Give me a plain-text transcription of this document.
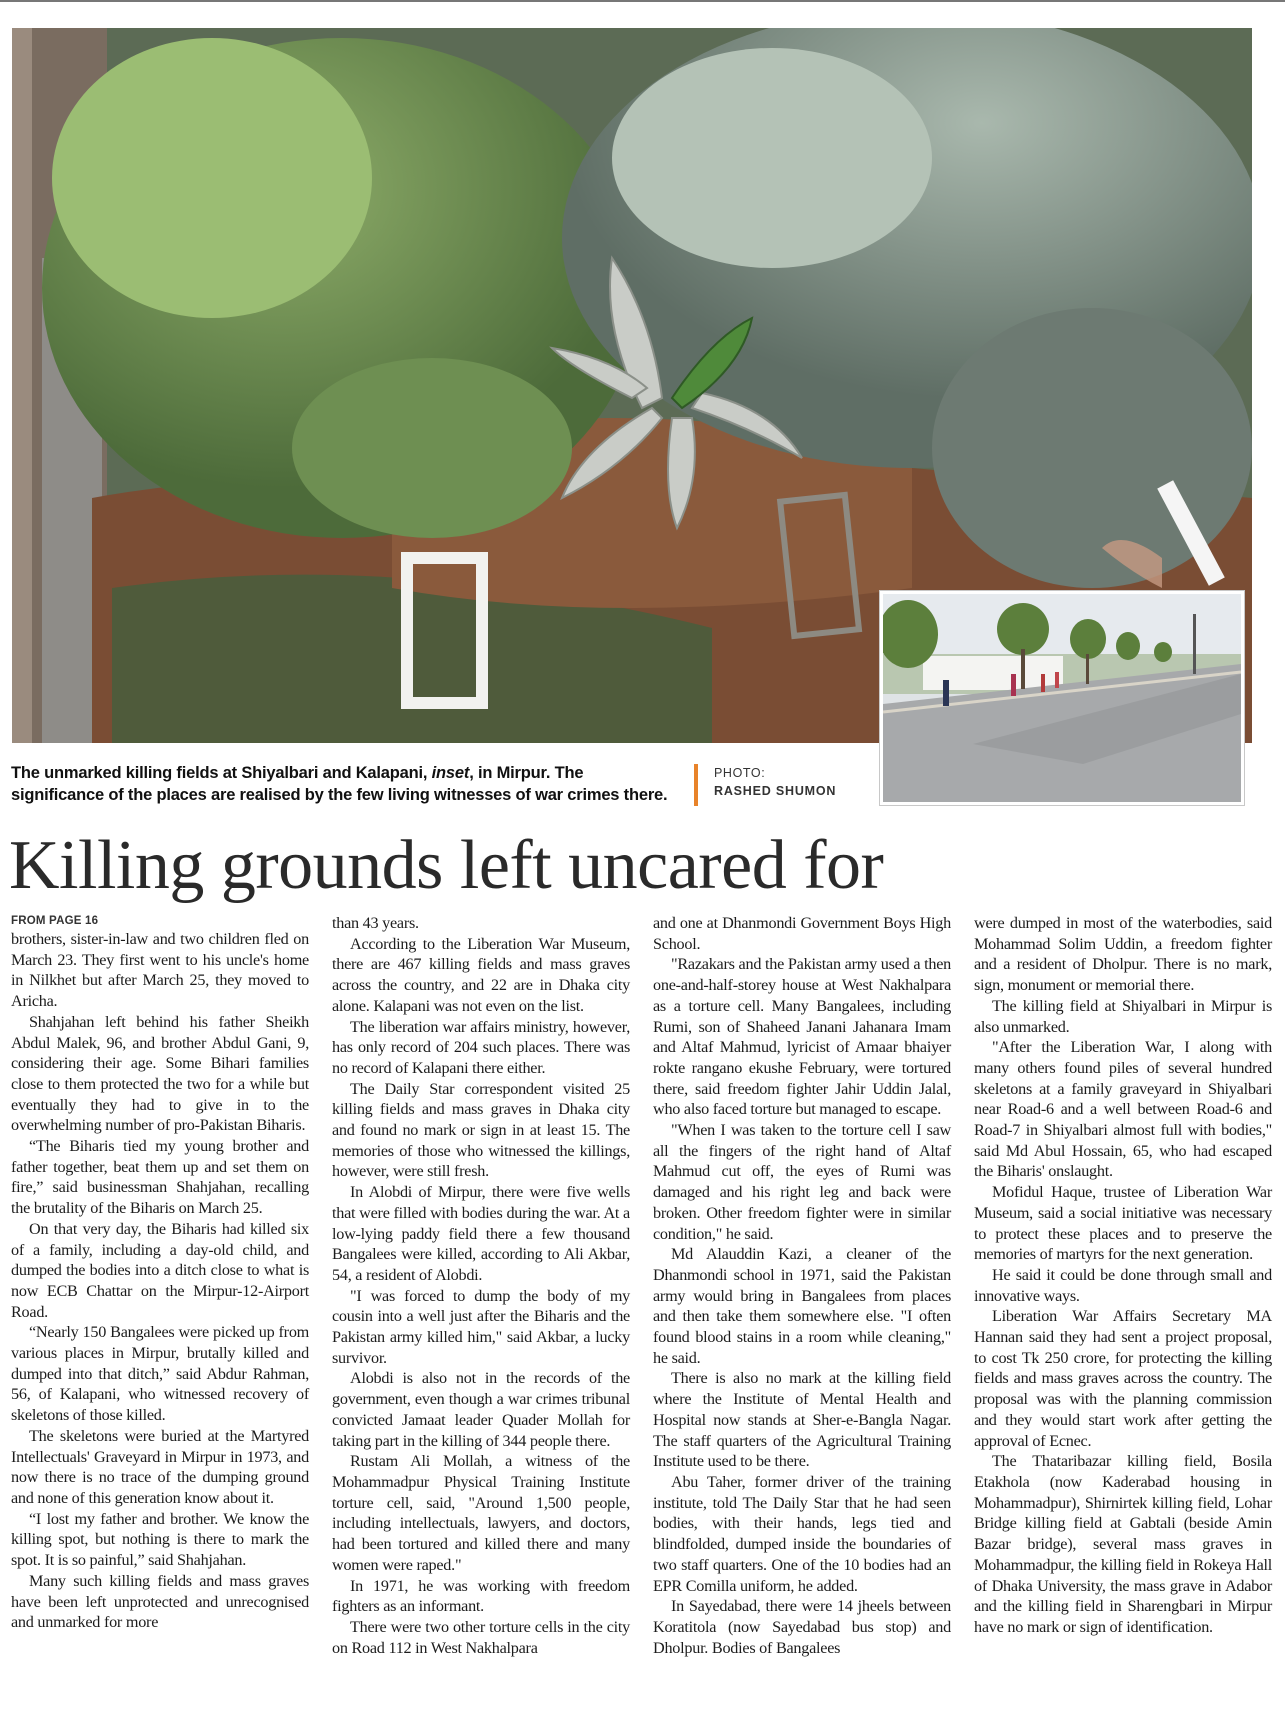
The unmarked killing fields at Shiyalbari and Kalapani, inset, in Mirpur. The significance of the places are realised by the few living witnesses of war crimes there.
PHOTO:
RASHED SHUMON
Killing grounds left uncared for
FROM PAGE 16

brothers, sister-in-law and two children fled on March 23. They first went to his uncle's home in Nilkhet but after March 25, they moved to Aricha.

Shahjahan left behind his father Sheikh Abdul Malek, 96, and brother Abdul Gani, 9, considering their age. Some Bihari families close to them protected the two for a while but eventually they had to give in to the overwhelming number of pro-Pakistan Biharis.

“The Biharis tied my young brother and father together, beat them up and set them on fire,” said businessman Shahjahan, recalling the brutality of the Biharis on March 25.

On that very day, the Biharis had killed six of a family, including a day-old child, and dumped the bodies into a ditch close to what is now ECB Chattar on the Mirpur-12-Airport Road.

“Nearly 150 Bangalees were picked up from various places in Mirpur, brutally killed and dumped into that ditch,” said Abdur Rahman, 56, of Kalapani, who witnessed recovery of skeletons of those killed.

The skeletons were buried at the Martyred Intellectuals' Graveyard in Mirpur in 1973, and now there is no trace of the dumping ground and none of this generation know about it.

“I lost my father and brother. We know the killing spot, but nothing is there to mark the spot. It is so painful,” said Shahjahan.

Many such killing fields and mass graves have been left unprotected and unrecognised and unmarked for more

than 43 years.

According to the Liberation War Museum, there are 467 killing fields and mass graves across the country, and 22 are in Dhaka city alone. Kalapani was not even on the list.

The liberation war affairs ministry, however, has only record of 204 such places. There was no record of Kalapani there either.

The Daily Star correspondent visited 25 killing fields and mass graves in Dhaka city and found no mark or sign in at least 15. The memories of those who witnessed the killings, however, were still fresh.

In Alobdi of Mirpur, there were five wells that were filled with bodies during the war. At a low-lying paddy field there a few thousand Bangalees were killed, according to Ali Akbar, 54, a resident of Alobdi.

"I was forced to dump the body of my cousin into a well just after the Biharis and the Pakistan army killed him," said Akbar, a lucky survivor.

Alobdi is also not in the records of the government, even though a war crimes tribunal convicted Jamaat leader Quader Mollah for taking part in the killing of 344 people there.

Rustam Ali Mollah, a witness of the Mohammadpur Physical Training Institute torture cell, said, "Around 1,500 people, including intellectuals, lawyers, and doctors, had been tortured and killed there and many women were raped."

In 1971, he was working with freedom fighters as an informant.

There were two other torture cells in the city on Road 112 in West Nakhalpara

and one at Dhanmondi Government Boys High School.

"Razakars and the Pakistan army used a then one-and-half-storey house at West Nakhalpara as a torture cell. Many Bangalees, including Rumi, son of Shaheed Janani Jahanara Imam and Altaf Mahmud, lyricist of Amaar bhaiyer rokte rangano ekushe February, were tortured there, said freedom fighter Jahir Uddin Jalal, who also faced torture but managed to escape.

"When I was taken to the torture cell I saw all the fingers of the right hand of Altaf Mahmud cut off, the eyes of Rumi was damaged and his right leg and back were broken. Other freedom fighter were in similar condition," he said.

Md Alauddin Kazi, a cleaner of the Dhanmondi school in 1971, said the Pakistan army would bring in Bangalees from places and then take them somewhere else. "I often found blood stains in a room while cleaning," he said.

There is also no mark at the killing field where the Institute of Mental Health and Hospital now stands at Sher-e-Bangla Nagar. The staff quarters of the Agricultural Training Institute used to be there.

Abu Taher, former driver of the training institute, told The Daily Star that he had seen bodies, with their hands, legs tied and blindfolded, dumped inside the boundaries of two staff quarters. One of the 10 bodies had an EPR Comilla uniform, he added.

In Sayedabad, there were 14 jheels between Koratitola (now Sayedabad bus stop) and Dholpur. Bodies of Bangalees

were dumped in most of the waterbodies, said Mohammad Solim Uddin, a freedom fighter and a resident of Dholpur. There is no mark, sign, monument or memorial there.

The killing field at Shiyalbari in Mirpur is also unmarked.

"After the Liberation War, I along with many others found piles of several hundred skeletons at a family graveyard in Shiyalbari near Road-6 and a well between Road-6 and Road-7 in Shiyalbari almost full with bodies," said Md Abul Hossain, 65, who had escaped the Biharis' onslaught.

Mofidul Haque, trustee of Liberation War Museum, said a social initiative was necessary to protect these places and to preserve the memories of martyrs for the next generation.

He said it could be done through small and innovative ways.

Liberation War Affairs Secretary MA Hannan said they had sent a project proposal, to cost Tk 250 crore, for protecting the killing fields and mass graves across the country. The proposal was with the planning commission and they would start work after getting the approval of Ecnec.

The Thataribazar killing field, Bosila Etakhola (now Kaderabad housing in Mohammadpur), Shirnirtek killing field, Lohar Bridge killing field at Gabtali (beside Amin Bazar bridge), several mass graves in Mohammadpur, the killing field in Rokeya Hall of Dhaka University, the mass grave in Adabor and the killing field in Sharengbari in Mirpur have no mark or sign of identification.
